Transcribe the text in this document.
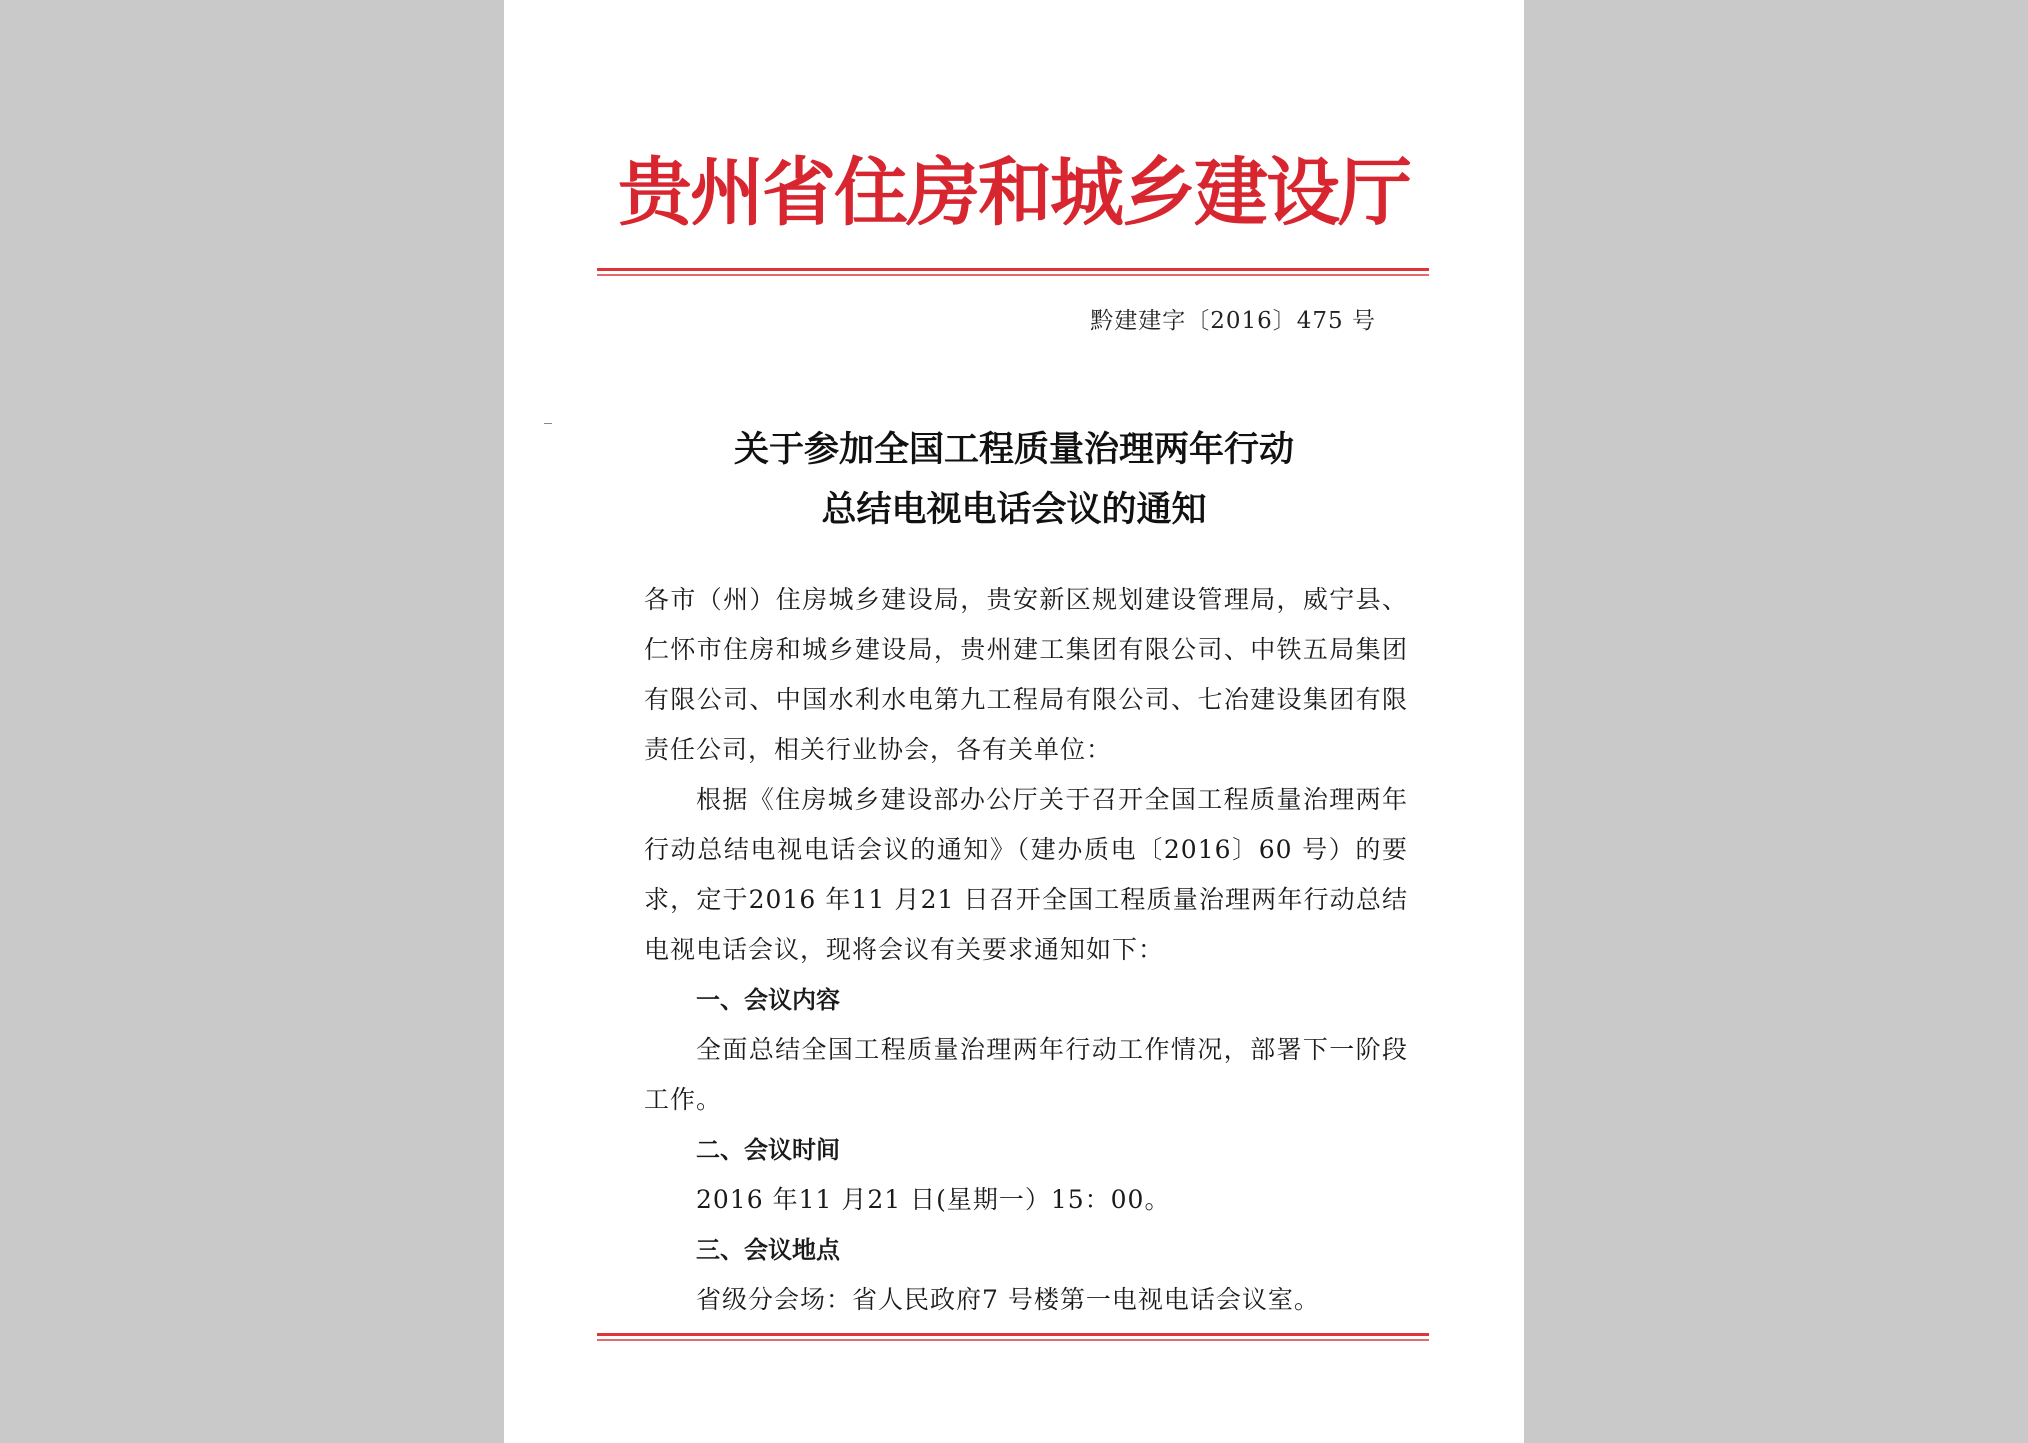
贵州省住房和城乡建设厅
黔建建字〔2016〕475 号
关于参加全国工程质量治理两年行动
总结电视电话会议的通知

各市（州）住房城乡建设局，贵安新区规划建设管理局，威宁县、仁怀市住房和城乡建设局，贵州建工集团有限公司、中铁五局集团有限公司、中国水利水电第九工程局有限公司、七冶建设集团有限责任公司，相关行业协会，各有关单位：

根据《住房城乡建设部办公厅关于召开全国工程质量治理两年行动总结电视电话会议的通知》（建办质电〔2016〕60 号）的要求，定于2016 年11 月21 日召开全国工程质量治理两年行动总结电视电话会议，现将会议有关要求通知如下：

一、会议内容

全面总结全国工程质量治理两年行动工作情况，部署下一阶段工作。

二、会议时间

2016 年11 月21 日(星期一）15：00。

三、会议地点

省级分会场：省人民政府7 号楼第一电视电话会议室。
